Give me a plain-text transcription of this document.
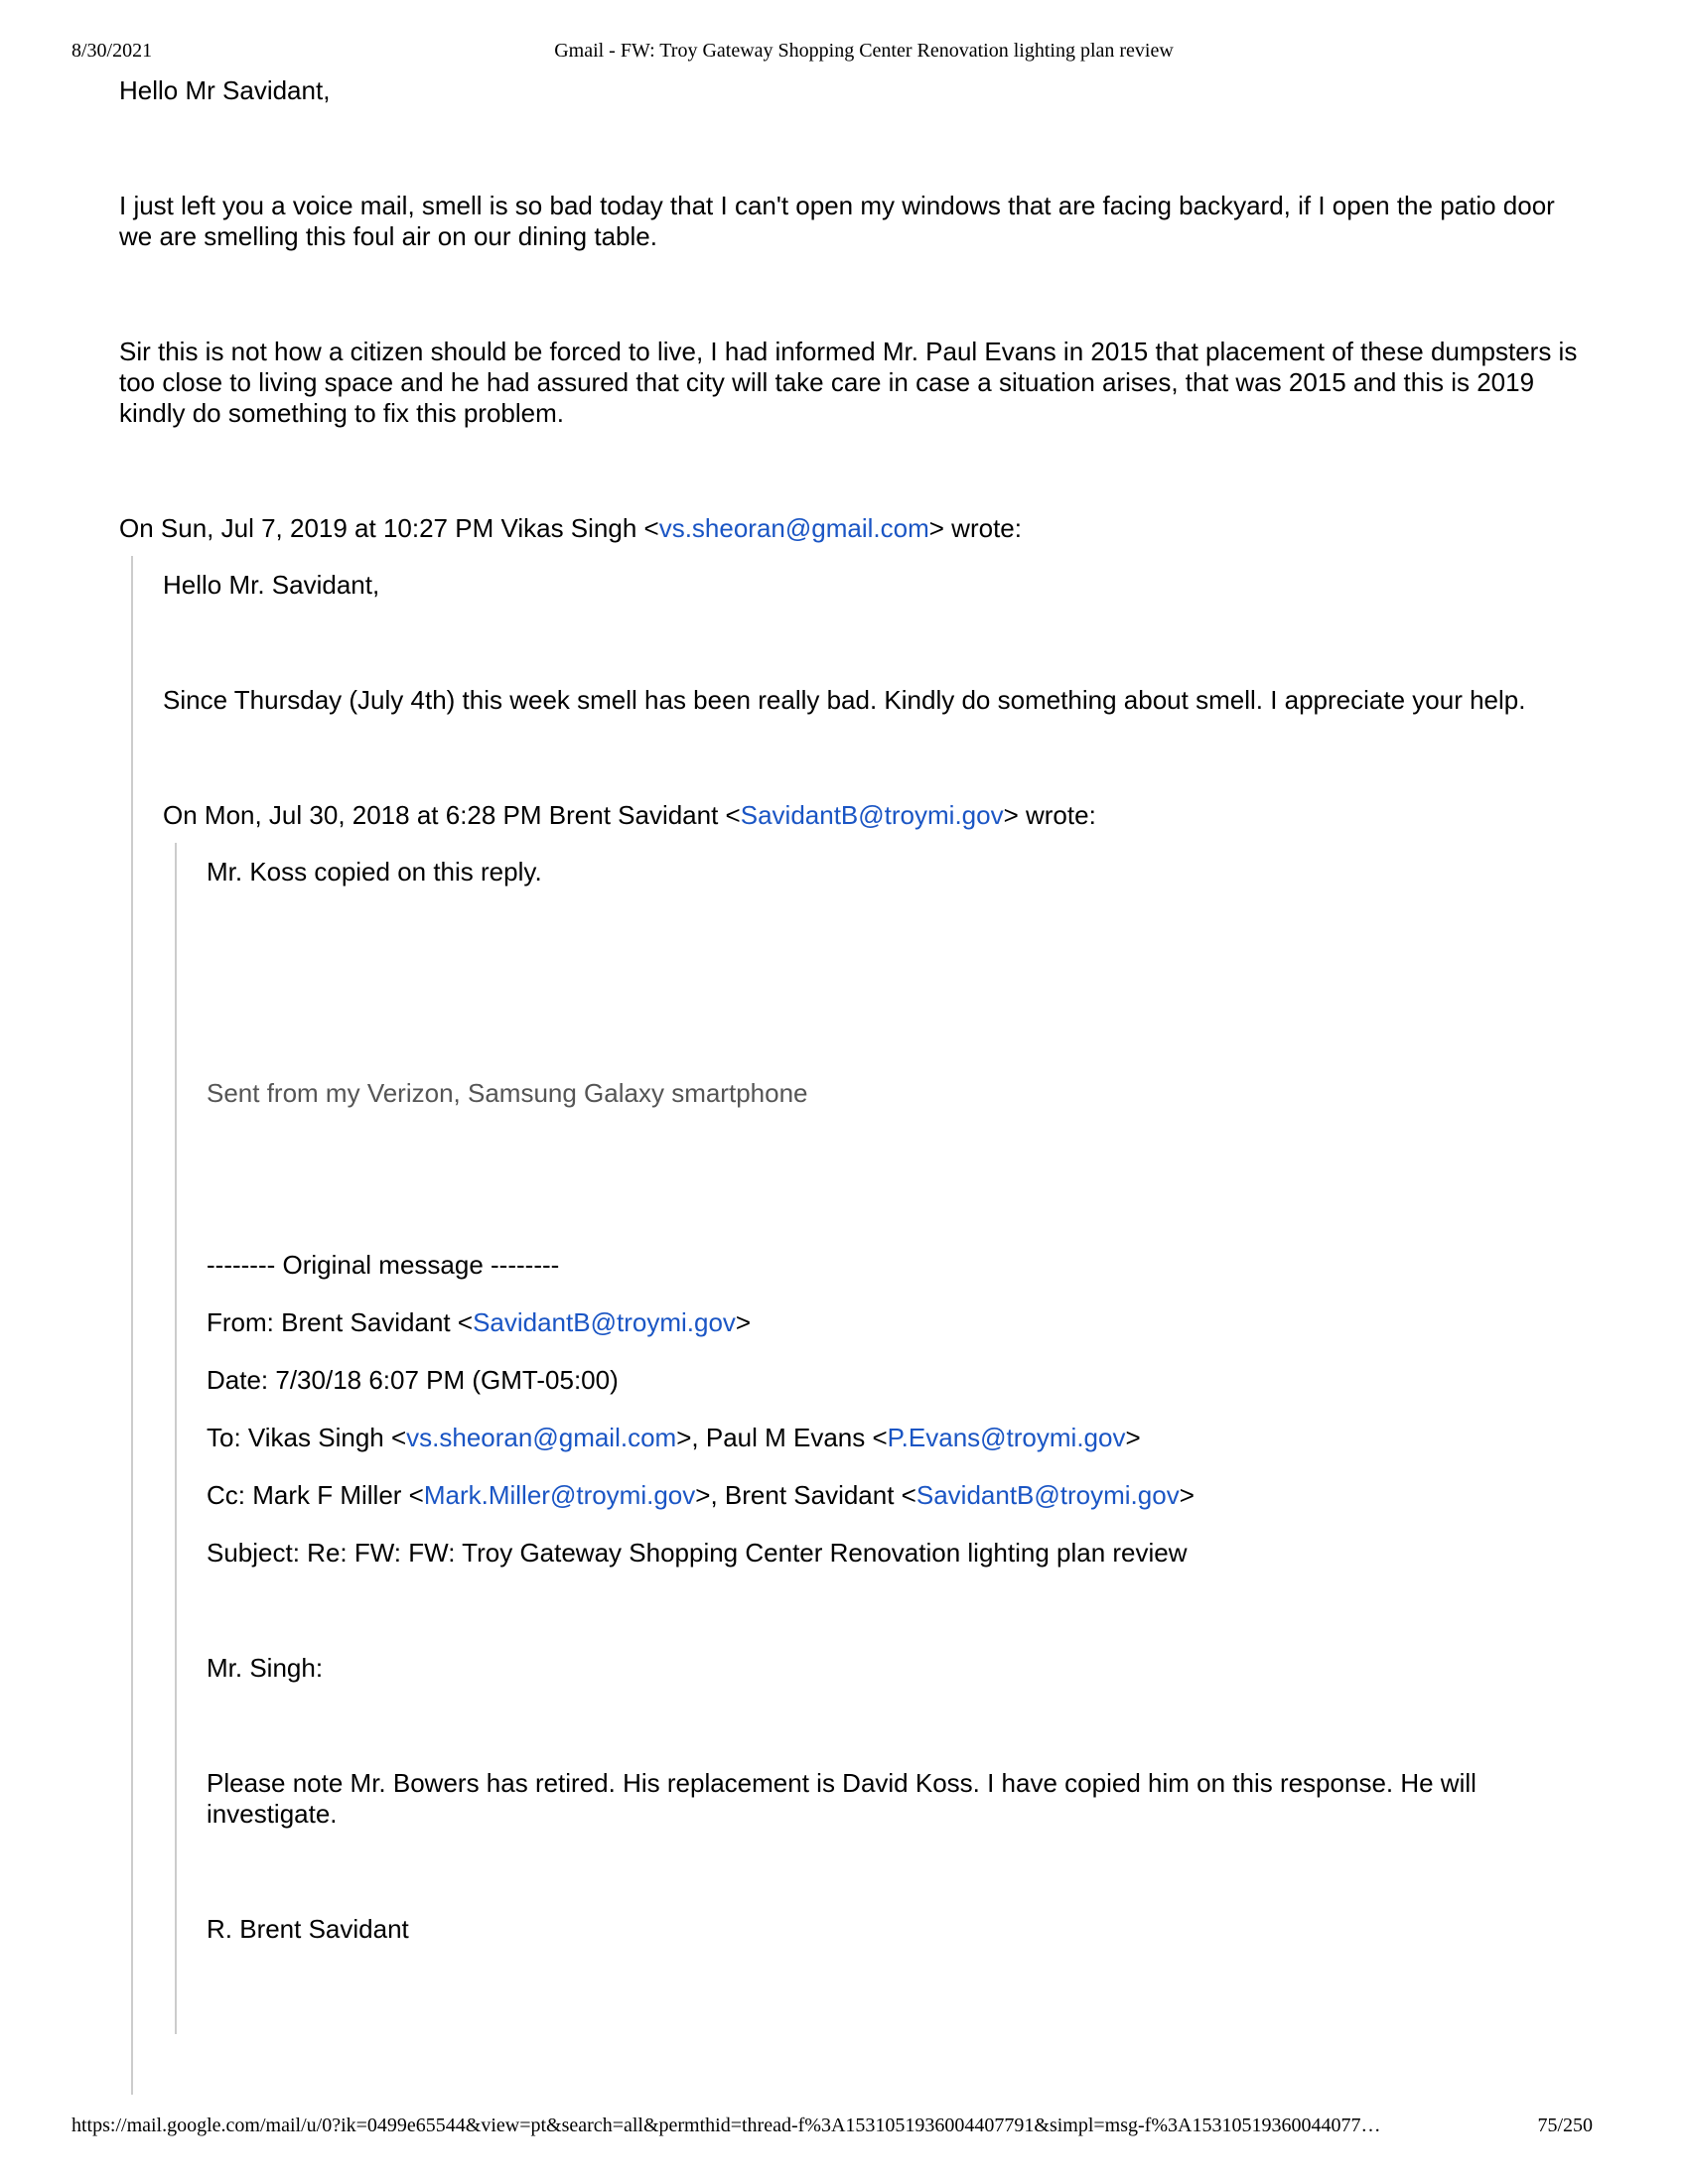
8/30/2021	Gmail - FW: Troy Gateway Shopping Center Renovation lighting plan review

Hello Mr Savidant,

I just left you a voice mail, smell is so bad today that I can't open my windows that are facing backyard, if I open the patio door we are smelling this foul air on our dining table.

Sir this is not how a citizen should be forced to live, I had informed Mr. Paul Evans in 2015 that placement of these dumpsters is too close to living space and he had assured that city will take care in case a situation arises, that was 2015 and this is 2019 kindly do something to fix this problem.

On Sun, Jul 7, 2019 at 10:27 PM Vikas Singh <vs.sheoran@gmail.com> wrote:

Hello Mr. Savidant,

Since Thursday (July 4th) this week smell has been really bad. Kindly do something about smell. I appreciate your help.

On Mon, Jul 30, 2018 at 6:28 PM Brent Savidant <SavidantB@troymi.gov> wrote:

Mr. Koss copied on this reply.

Sent from my Verizon, Samsung Galaxy smartphone

-------- Original message --------

From: Brent Savidant <SavidantB@troymi.gov>

Date: 7/30/18 6:07 PM (GMT-05:00)

To: Vikas Singh <vs.sheoran@gmail.com>, Paul M Evans <P.Evans@troymi.gov>

Cc: Mark F Miller <Mark.Miller@troymi.gov>, Brent Savidant <SavidantB@troymi.gov>

Subject: Re: FW: FW: Troy Gateway Shopping Center Renovation lighting plan review

Mr. Singh:

Please note Mr. Bowers has retired. His replacement is David Koss. I have copied him on this response. He will investigate.

R. Brent Savidant

https://mail.google.com/mail/u/0?ik=0499e65544&view=pt&search=all&permthid=thread-f%3A1531051936004407791&simpl=msg-f%3A15310519360044077…	75/250
